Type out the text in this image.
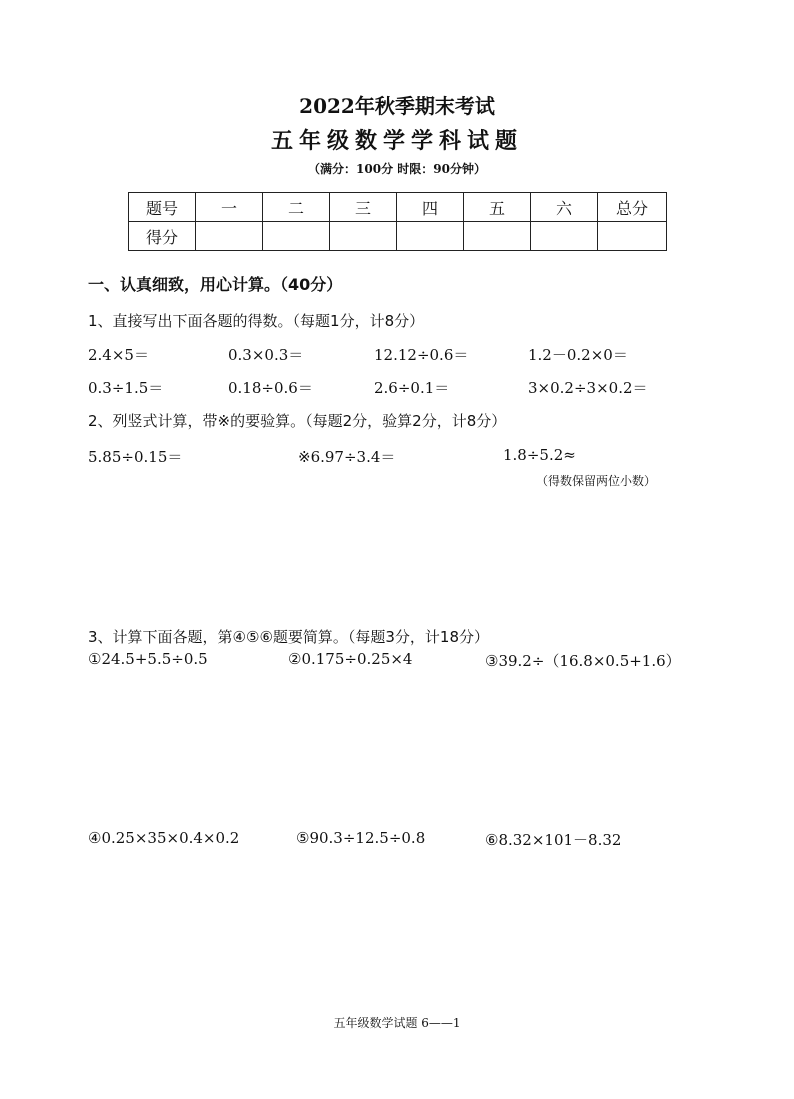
2022年秋季期末考试
五年级数学学科试题
（满分：100分 时限：90分钟）
题号	一	二	三	四	五	六	总分
得分							
一、认真细致，用心计算。（40分）
1、直接写出下面各题的得数。（每题1分，计8分）
2.4×5＝	0.3×0.3＝	12.12÷0.6＝	1.2－0.2×0＝
0.3÷1.5＝	0.18÷0.6＝	2.6÷0.1＝	3×0.2÷3×0.2＝
2、列竖式计算，带※的要验算。（每题2分，验算2分，计8分）
5.85÷0.15＝	※6.97÷3.4＝	1.8÷5.2≈
（得数保留两位小数）
3、计算下面各题，第④⑤⑥题要简算。（每题3分，计18分）
①24.5+5.5÷0.5	②0.175÷0.25×4	③39.2÷（16.8×0.5+1.6）
④0.25×35×0.4×0.2	⑤90.3÷12.5÷0.8	⑥8.32×101－8.32
五年级数学试题 6——1
